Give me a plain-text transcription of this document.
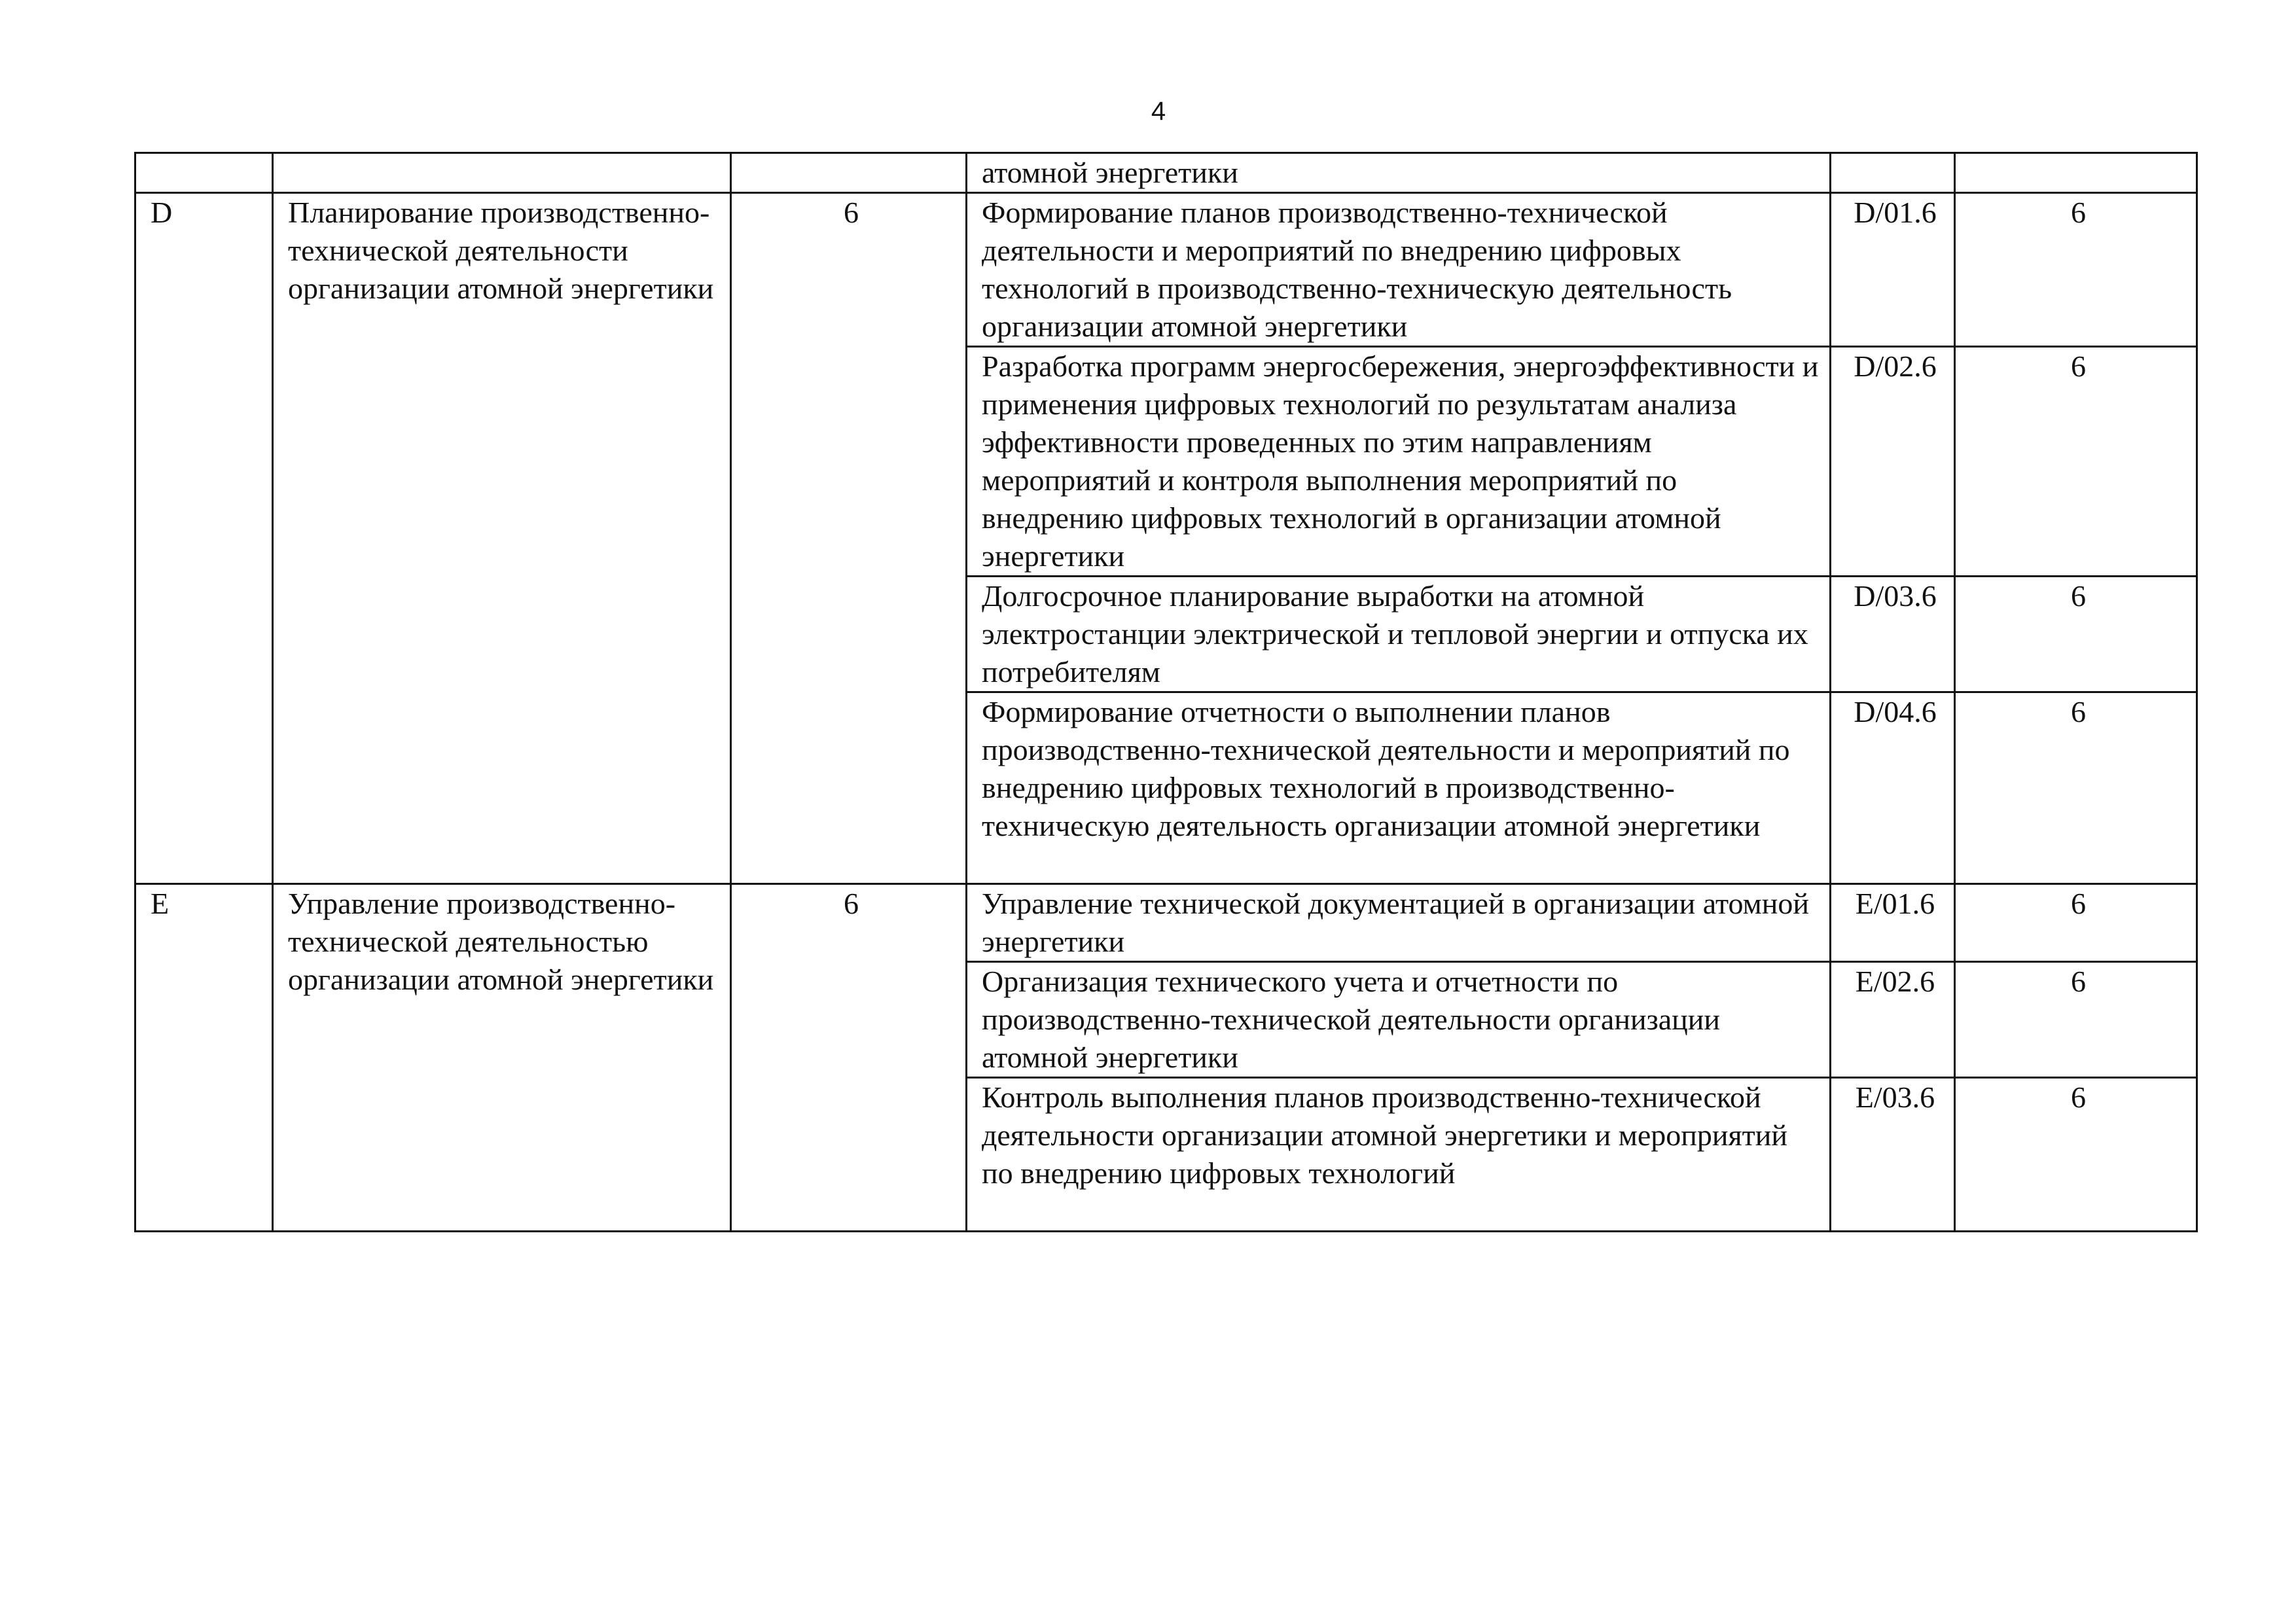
4
			атомной энергетики		
D	Планирование производственно-технической деятельности организации атомной энергетики	6	Формирование планов производственно-технической деятельности и мероприятий по внедрению цифровых технологий в производственно-техническую деятельность организации атомной энергетики	D/01.6	6
			Разработка программ энергосбережения, энергоэффективности и применения цифровых технологий по результатам анализа эффективности проведенных по этим направлениям мероприятий и контроля выполнения мероприятий по внедрению цифровых технологий в организации атомной энергетики	D/02.6	6
			Долгосрочное планирование выработки на атомной электростанции электрической и тепловой энергии и отпуска их потребителям	D/03.6	6
			Формирование отчетности о выполнении планов производственно-технической деятельности и мероприятий по внедрению цифровых технологий в производственно-техническую деятельность организации атомной энергетики	D/04.6	6
E	Управление производственно-технической деятельностью организации атомной энергетики	6	Управление технической документацией в организации атомной энергетики	E/01.6	6
			Организация технического учета и отчетности по производственно-технической деятельности организации атомной энергетики	E/02.6	6
			Контроль выполнения планов производственно-технической деятельности организации атомной энергетики и мероприятий по внедрению цифровых технологий	E/03.6	6
